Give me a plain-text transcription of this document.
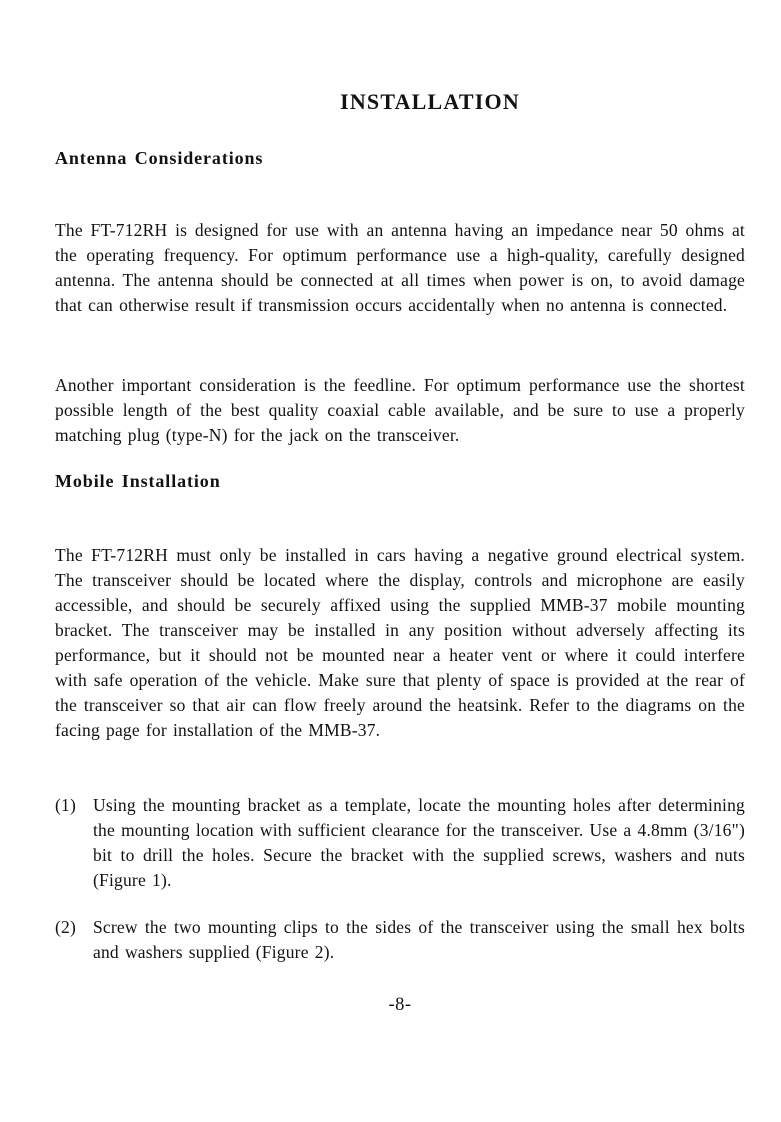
INSTALLATION
Antenna Considerations

The FT-712RH is designed for use with an antenna having an impedance near 50 ohms at the operating frequency. For optimum performance use a high-quality, carefully designed antenna. The antenna should be connected at all times when power is on, to avoid damage that can otherwise result if transmission occurs accidentally when no antenna is connected.

Another important consideration is the feedline. For optimum performance use the shortest possible length of the best quality coaxial cable available, and be sure to use a properly matching plug (type-N) for the jack on the transceiver.

Mobile Installation

The FT-712RH must only be installed in cars having a negative ground electrical system. The transceiver should be located where the display, controls and microphone are easily accessible, and should be securely affixed using the supplied MMB-37 mobile mounting bracket. The transceiver may be installed in any position without adversely affecting its performance, but it should not be mounted near a heater vent or where it could interfere with safe operation of the vehicle. Make sure that plenty of space is provided at the rear of the transceiver so that air can flow freely around the heatsink. Refer to the diagrams on the facing page for installation of the MMB-37.

(1) Using the mounting bracket as a template, locate the mounting holes after determining the mounting location with sufficient clearance for the transceiver. Use a 4.8mm (3/16") bit to drill the holes. Secure the bracket with the supplied screws, washers and nuts (Figure 1).
(2) Screw the two mounting clips to the sides of the transceiver using the small hex bolts and washers supplied (Figure 2).
-8-
